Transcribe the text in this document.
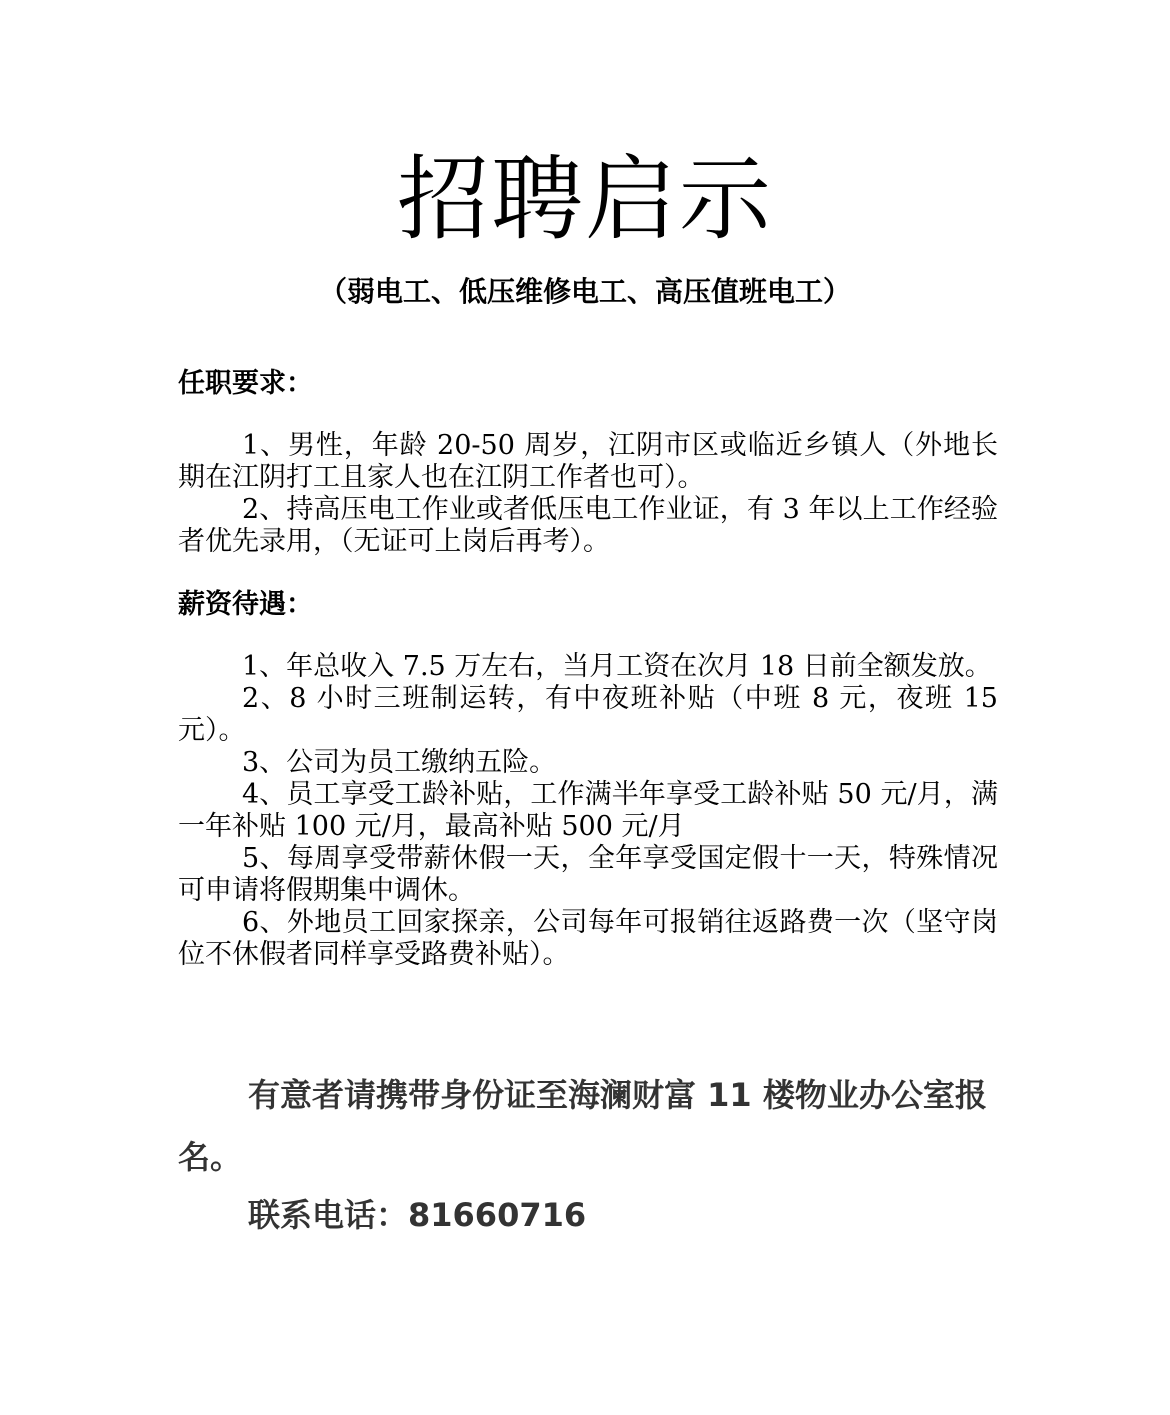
招聘启示
（弱电工、低压维修电工、高压值班电工）
任职要求：

1、男性，年龄 20-50 周岁，江阴市区或临近乡镇人（外地长期在江阴打工且家人也在江阴工作者也可）。

2、持高压电工作业或者低压电工作业证，有 3 年以上工作经验者优先录用，（无证可上岗后再考）。

薪资待遇：

1、年总收入 7.5 万左右，当月工资在次月 18 日前全额发放。

2、8 小时三班制运转，有中夜班补贴（中班 8 元，夜班 15 元）。

3、公司为员工缴纳五险。

4、员工享受工龄补贴，工作满半年享受工龄补贴 50 元/月，满一年补贴 100 元/月，最高补贴 500 元/月

5、每周享受带薪休假一天，全年享受国定假十一天，特殊情况可申请将假期集中调休。

6、外地员工回家探亲，公司每年可报销往返路费一次（坚守岗位不休假者同样享受路费补贴）。

有意者请携带身份证至海澜财富 11 楼物业办公室报名。
联系电话：81660716
